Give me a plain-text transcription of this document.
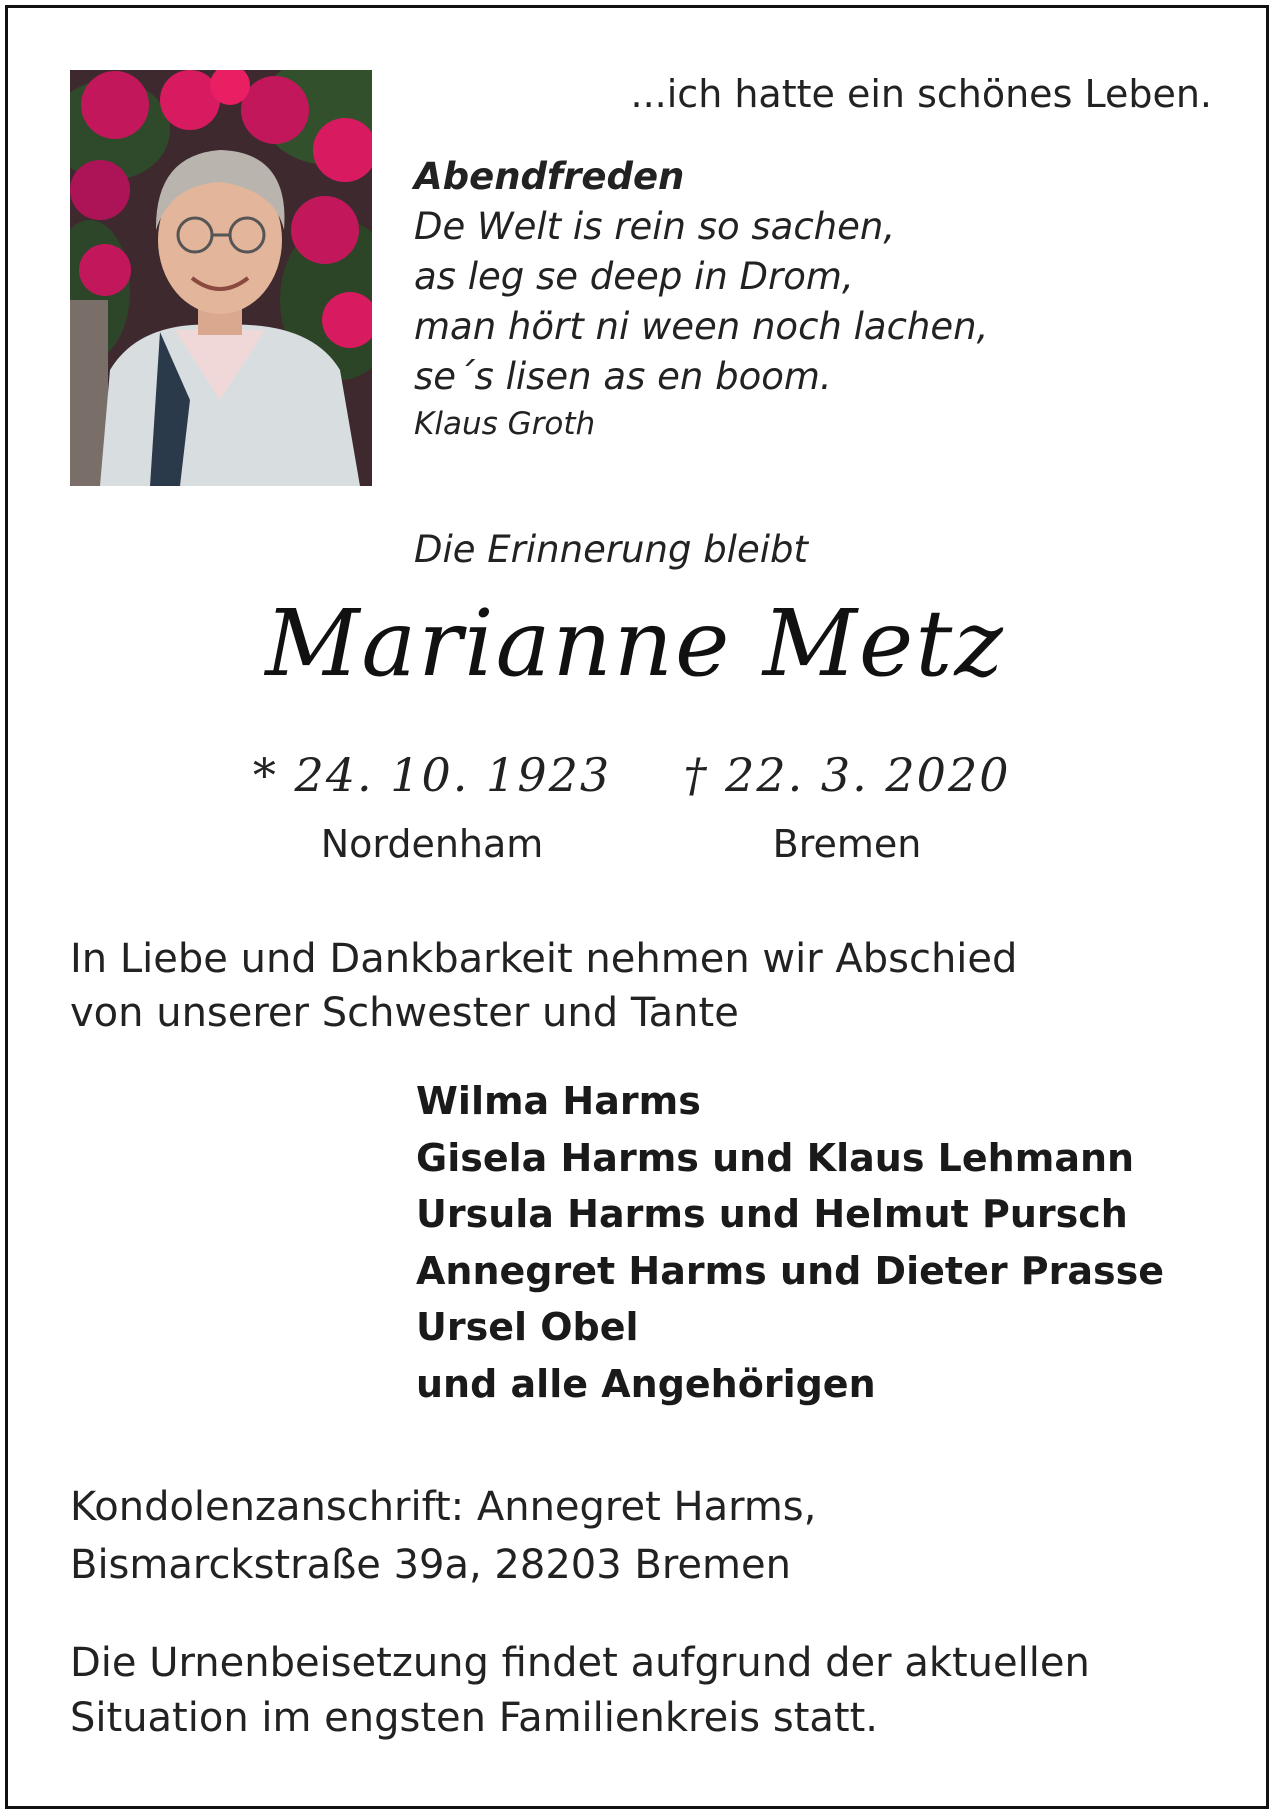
...ich hatte ein schönes Leben.
Abendfreden
De Welt is rein so sachen,
as leg se deep in Drom,
man hört ni ween noch lachen,
se´s lisen as en boom.
Klaus Groth
Die Erinnerung bleibt
Marianne Metz
* 24. 10. 1923
Nordenham
† 22. 3. 2020
Bremen
In Liebe und Dankbarkeit nehmen wir Abschied
von unserer Schwester und Tante
Wilma Harms
Gisela Harms und Klaus Lehmann
Ursula Harms und Helmut Pursch
Annegret Harms und Dieter Prasse
Ursel Obel
und alle Angehörigen
Kondolenzanschrift: Annegret Harms,
Bismarckstraße 39a, 28203 Bremen
Die Urnenbeisetzung findet aufgrund der aktuellen
Situation im engsten Familienkreis statt.
